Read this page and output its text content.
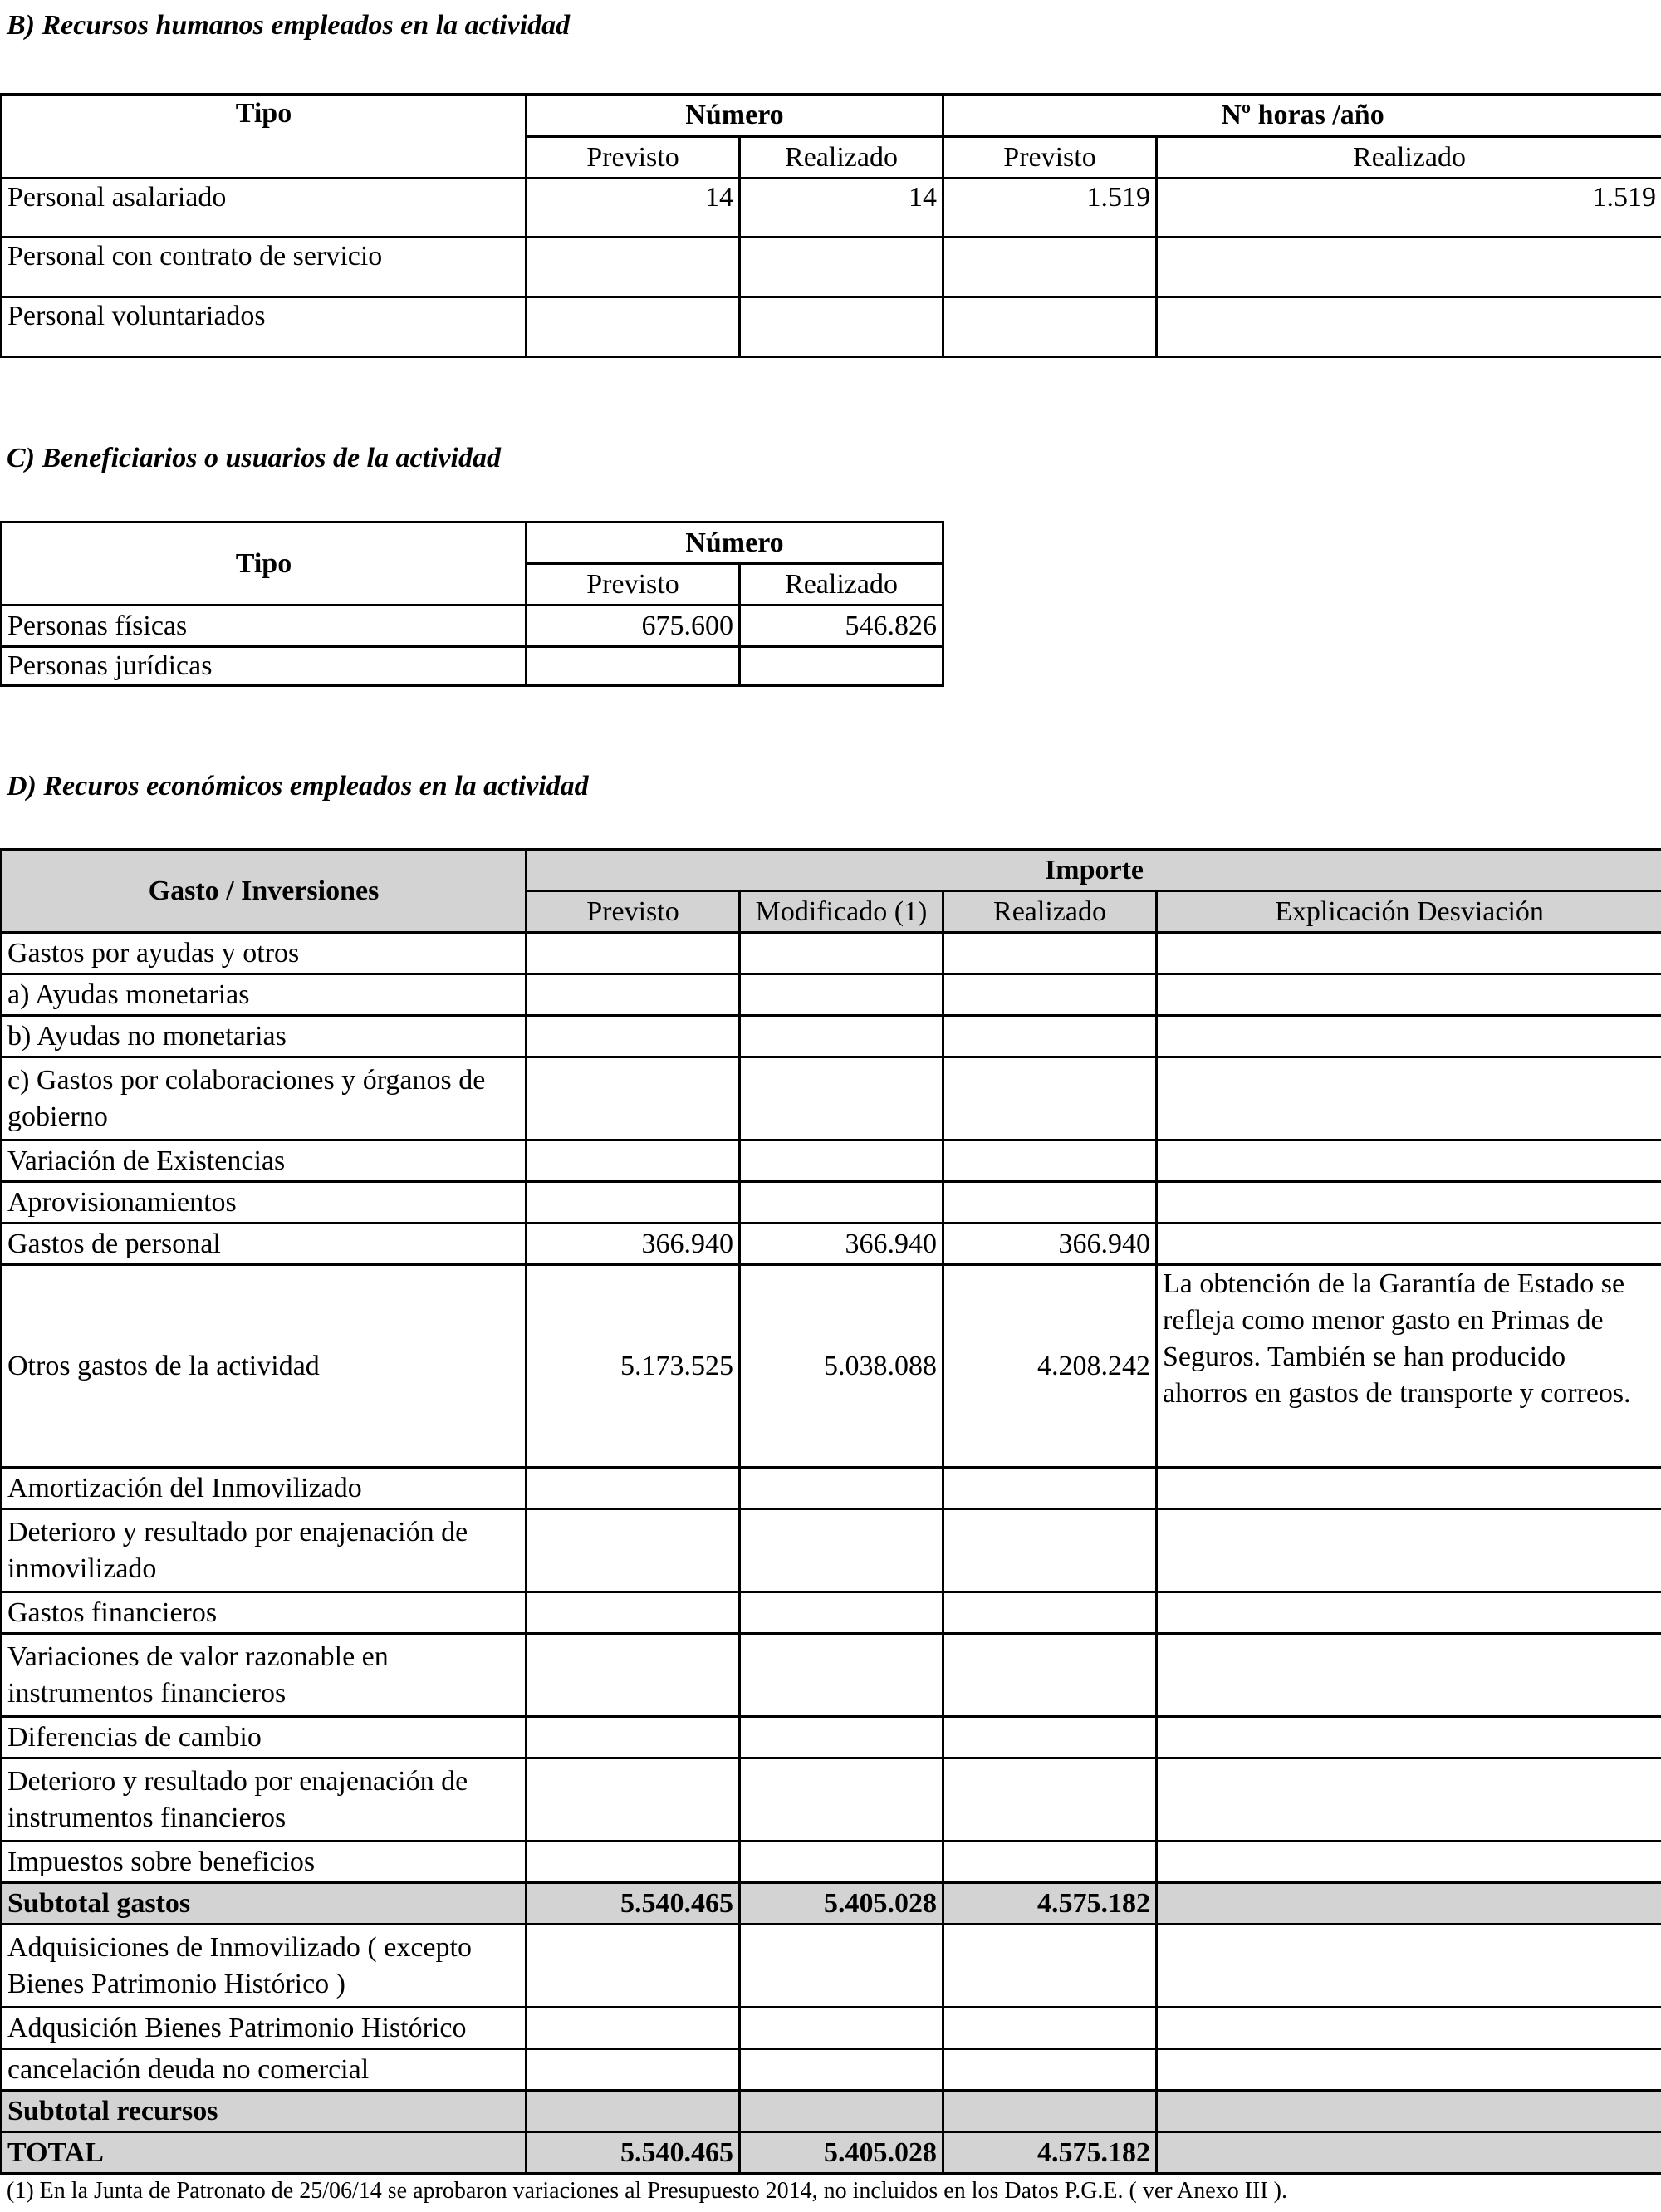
B) Recursos humanos empleados en la actividad

Tipo	Número		Nº horas /año	
	Previsto	Realizado	Previsto	Realizado
Personal asalariado	14	14	1.519	1.519
Personal con contrato de servicio				
Personal voluntariados				

C) Beneficiarios o usuarios de la actividad

Tipo	Número	
	Previsto	Realizado
Personas físicas	675.600	546.826
Personas jurídicas		

D) Recuros económicos empleados en la actividad

Gasto / Inversiones	Importe			
	Previsto	Modificado (1)	Realizado	Explicación Desviación
Gastos por ayudas y otros				
a) Ayudas monetarias				
b) Ayudas no monetarias				
c) Gastos por colaboraciones y órganos de gobierno				
Variación de Existencias				
Aprovisionamientos				
Gastos de personal	366.940	366.940	366.940	
Otros gastos de la actividad	5.173.525	5.038.088	4.208.242	La obtención de la Garantía de Estado se refleja como menor gasto en Primas de Seguros. También se han producido ahorros en gastos de transporte y correos.
Amortización del Inmovilizado				
Deterioro y resultado por enajenación de inmovilizado				
Gastos financieros				
Variaciones de valor razonable en instrumentos financieros				
Diferencias de cambio				
Deterioro y resultado por enajenación de instrumentos financieros				
Impuestos sobre beneficios				
Subtotal gastos	5.540.465	5.405.028	4.575.182	
Adquisiciones de Inmovilizado ( excepto Bienes Patrimonio Histórico )				
Adqusición Bienes Patrimonio Histórico				
cancelación deuda no comercial				
Subtotal recursos				
TOTAL	5.540.465	5.405.028	4.575.182	

(1) En la Junta de Patronato de 25/06/14 se aprobaron variaciones al Presupuesto 2014, no incluidos en los Datos P.G.E. ( ver Anexo III ).
